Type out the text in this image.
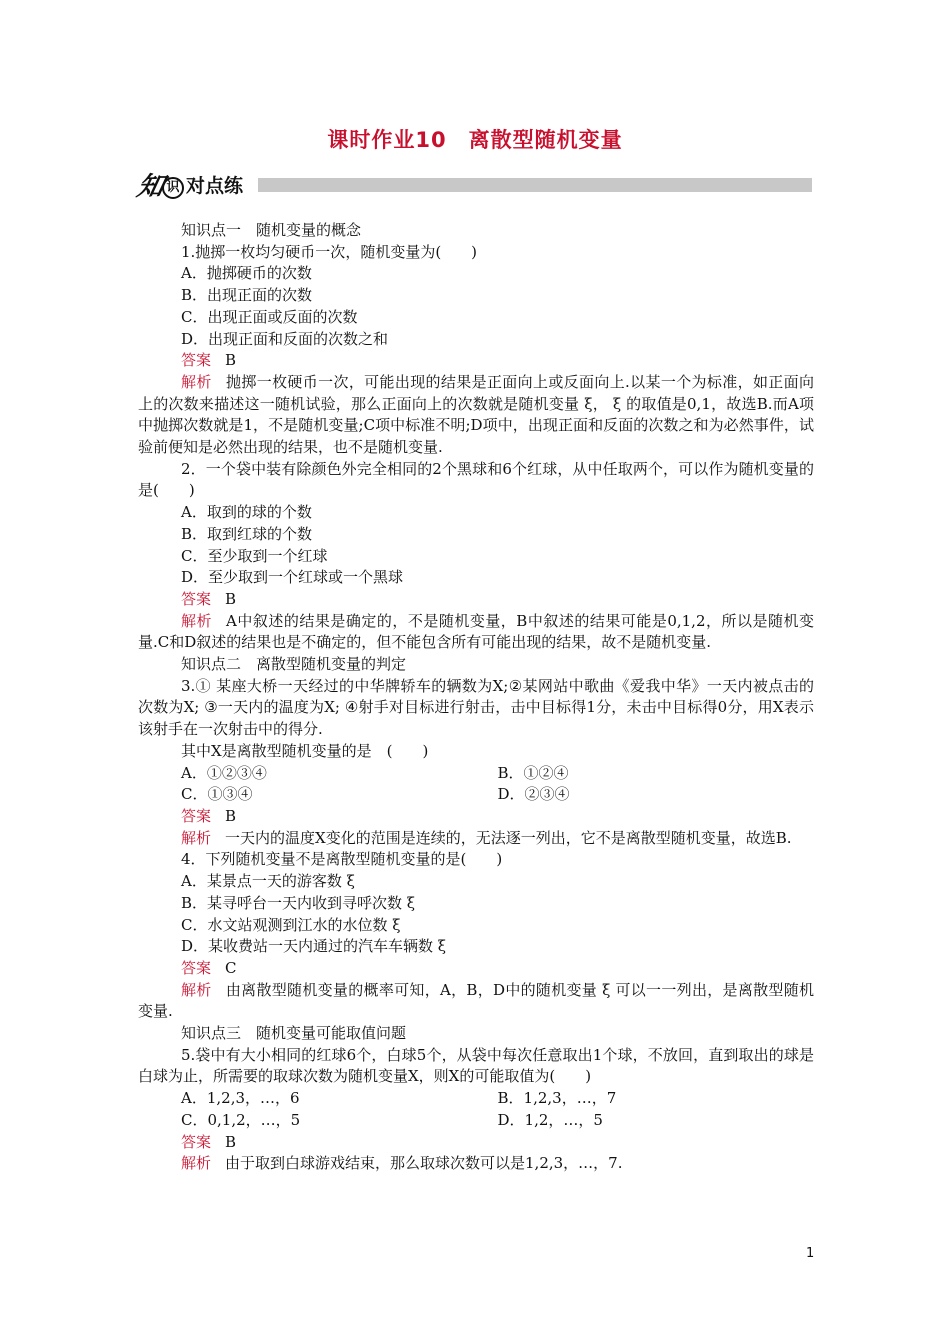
课时作业10　离散型随机变量
知 识 对点练
知识点一　随机变量的概念
1.抛掷一枚均匀硬币一次，随机变量为(　　)
A．抛掷硬币的次数
B．出现正面的次数
C．出现正面或反面的次数
D．出现正面和反面的次数之和
答案 B
解析 抛掷一枚硬币一次，可能出现的结果是正面向上或反面向上.以某一个为标准，如正面向上的次数来描述这一随机试验，那么正面向上的次数就是随机变量 ξ， ξ 的取值是0,1，故选B.而A项中抛掷次数就是1，不是随机变量;C项中标准不明;D项中，出现正面和反面的次数之和为必然事件，试验前便知是必然出现的结果，也不是随机变量.
2．一个袋中装有除颜色外完全相同的2个黑球和6个红球，从中任取两个，可以作为随机变量的是(　　)
A．取到的球的个数
B．取到红球的个数
C．至少取到一个红球
D．至少取到一个红球或一个黑球
答案 B
解析 A中叙述的结果是确定的，不是随机变量，B中叙述的结果可能是0,1,2，所以是随机变量.C和D叙述的结果也是不确定的，但不能包含所有可能出现的结果，故不是随机变量.
知识点二　离散型随机变量的判定
3.① 某座大桥一天经过的中华牌轿车的辆数为X;②某网站中歌曲《爱我中华》一天内被点击的次数为X; ③一天内的温度为X; ④射手对目标进行射击，击中目标得1分，未击中目标得0分，用X表示该射手在一次射击中的得分.
其中X是离散型随机变量的是　(　　)
A．①②③④	B．①②④
C．①③④	D．②③④
答案 B
解析 一天内的温度X变化的范围是连续的，无法逐一列出，它不是离散型随机变量，故选B.
4．下列随机变量不是离散型随机变量的是(　　)
A．某景点一天的游客数 ξ
B．某寻呼台一天内收到寻呼次数 ξ
C．水文站观测到江水的水位数 ξ
D．某收费站一天内通过的汽车车辆数 ξ
答案 C
解析 由离散型随机变量的概率可知，A，B，D中的随机变量 ξ 可以一一列出，是离散型随机变量.
知识点三　随机变量可能取值问题
5.袋中有大小相同的红球6个，白球5个，从袋中每次任意取出1个球，不放回，直到取出的球是白球为止，所需要的取球次数为随机变量X，则X的可能取值为(　　)
A．1,2,3，…，6	B．1,2,3，…，7
C．0,1,2，…，5	D．1,2，…，5
答案 B
解析 由于取到白球游戏结束，那么取球次数可以是1,2,3，…，7.
1
